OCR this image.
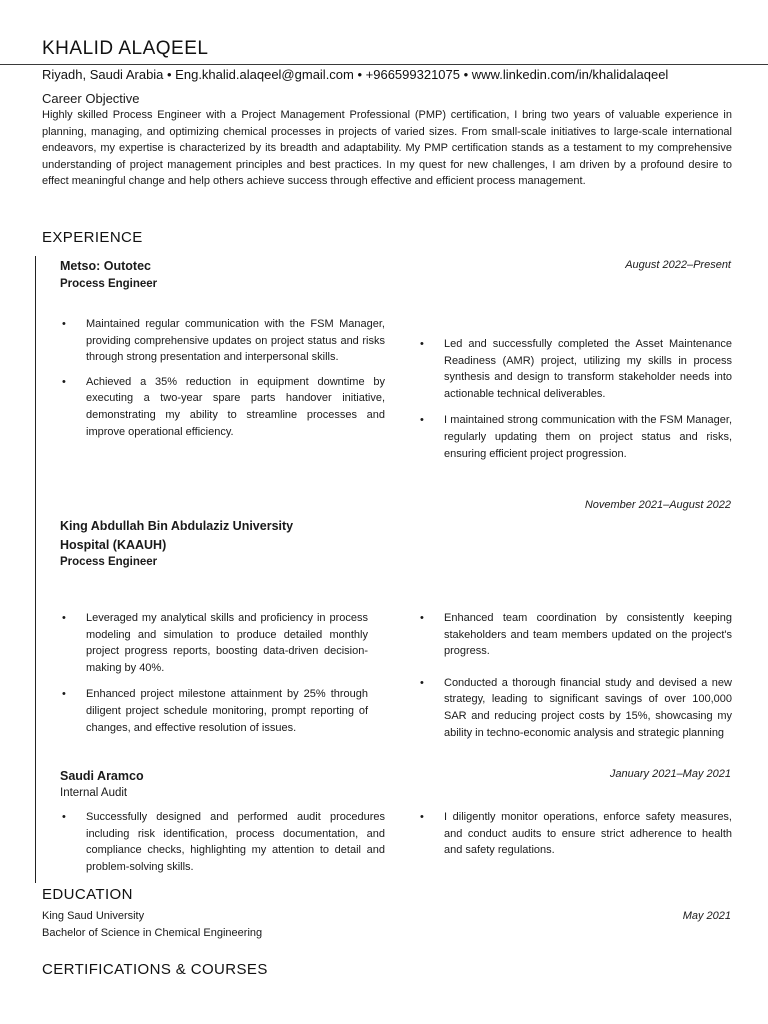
KHALID ALAQEEL
Riyadh, Saudi Arabia • Eng.khalid.alaqeel@gmail.com • +966599321075 • www.linkedin.com/in/khalidalaqeel
Career Objective
Highly skilled Process Engineer with a Project Management Professional (PMP) certification, I bring two years of valuable experience in planning, managing, and optimizing chemical processes in projects of varied sizes. From small-scale initiatives to large-scale international endeavors, my expertise is characterized by its breadth and adaptability. My PMP certification stands as a testament to my comprehensive understanding of project management principles and best practices. In my quest for new challenges, I am driven by a profound desire to effect meaningful change and help others achieve success through effective and efficient process management.
EXPERIENCE
Metso: Outotec
Process Engineer
August 2022–Present
• Maintained regular communication with the FSM Manager, providing comprehensive updates on project status and risks through strong presentation and interpersonal skills.
• Achieved a 35% reduction in equipment downtime by executing a two-year spare parts handover initiative, demonstrating my ability to streamline processes and improve operational efficiency.
• Led and successfully completed the Asset Maintenance Readiness (AMR) project, utilizing my skills in process synthesis and design to transform stakeholder needs into actionable technical deliverables.
• I maintained strong communication with the FSM Manager, regularly updating them on project status and risks, ensuring efficient project progression.
November 2021–August 2022
King Abdullah Bin Abdulaziz University
Hospital (KAAUH)
Process Engineer
• Leveraged my analytical skills and proficiency in process modeling and simulation to produce detailed monthly project progress reports, boosting data-driven decision-making by 40%.
• Enhanced project milestone attainment by 25% through diligent project schedule monitoring, prompt reporting of changes, and effective resolution of issues.
• Enhanced team coordination by consistently keeping stakeholders and team members updated on the project's progress.
• Conducted a thorough financial study and devised a new strategy, leading to significant savings of over 100,000 SAR and reducing project costs by 15%, showcasing my ability in techno-economic analysis and strategic planning
Saudi Aramco
Internal Audit
January 2021–May 2021
• Successfully designed and performed audit procedures including risk identification, process documentation, and compliance checks, highlighting my attention to detail and problem-solving skills.
• I diligently monitor operations, enforce safety measures, and conduct audits to ensure strict adherence to health and safety regulations.
EDUCATION
King Saud University
Bachelor of Science in Chemical Engineering
May 2021
CERTIFICATIONS & COURSES
